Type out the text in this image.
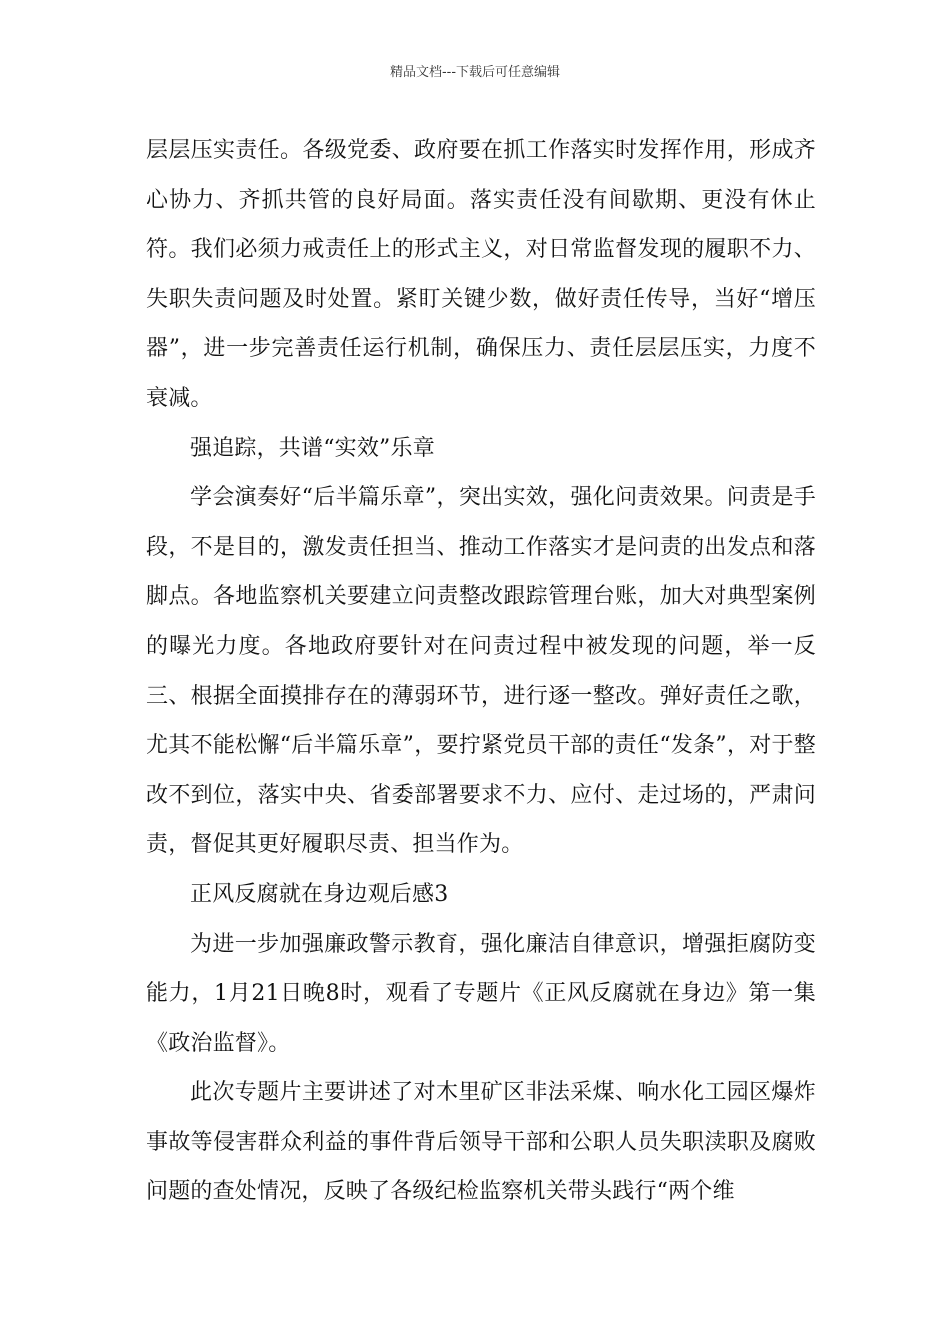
精品文档---下载后可任意编辑

层层压实责任。各级党委、政府要在抓工作落实时发挥作用，形成齐心协力、齐抓共管的良好局面。落实责任没有间歇期、更没有休止符。我们必须力戒责任上的形式主义，对日常监督发现的履职不力、失职失责问题及时处置。紧盯关键少数，做好责任传导，当好“增压器”，进一步完善责任运行机制，确保压力、责任层层压实，力度不衰减。

强追踪，共谱“实效”乐章

学会演奏好“后半篇乐章”，突出实效，强化问责效果。问责是手段，不是目的，激发责任担当、推动工作落实才是问责的出发点和落脚点。各地监察机关要建立问责整改跟踪管理台账，加大对典型案例的曝光力度。各地政府要针对在问责过程中被发现的问题，举一反三、根据全面摸排存在的薄弱环节，进行逐一整改。弹好责任之歌，尤其不能松懈“后半篇乐章”，要拧紧党员干部的责任“发条”，对于整改不到位，落实中央、省委部署要求不力、应付、走过场的，严肃问责，督促其更好履职尽责、担当作为。

正风反腐就在身边观后感3

为进一步加强廉政警示教育，强化廉洁自律意识，增强拒腐防变能力，1月21日晚8时，观看了专题片《正风反腐就在身边》第一集《政治监督》。

此次专题片主要讲述了对木里矿区非法采煤、响水化工园区爆炸事故等侵害群众利益的事件背后领导干部和公职人员失职渎职及腐败问题的查处情况，反映了各级纪检监察机关带头践行“两个维
